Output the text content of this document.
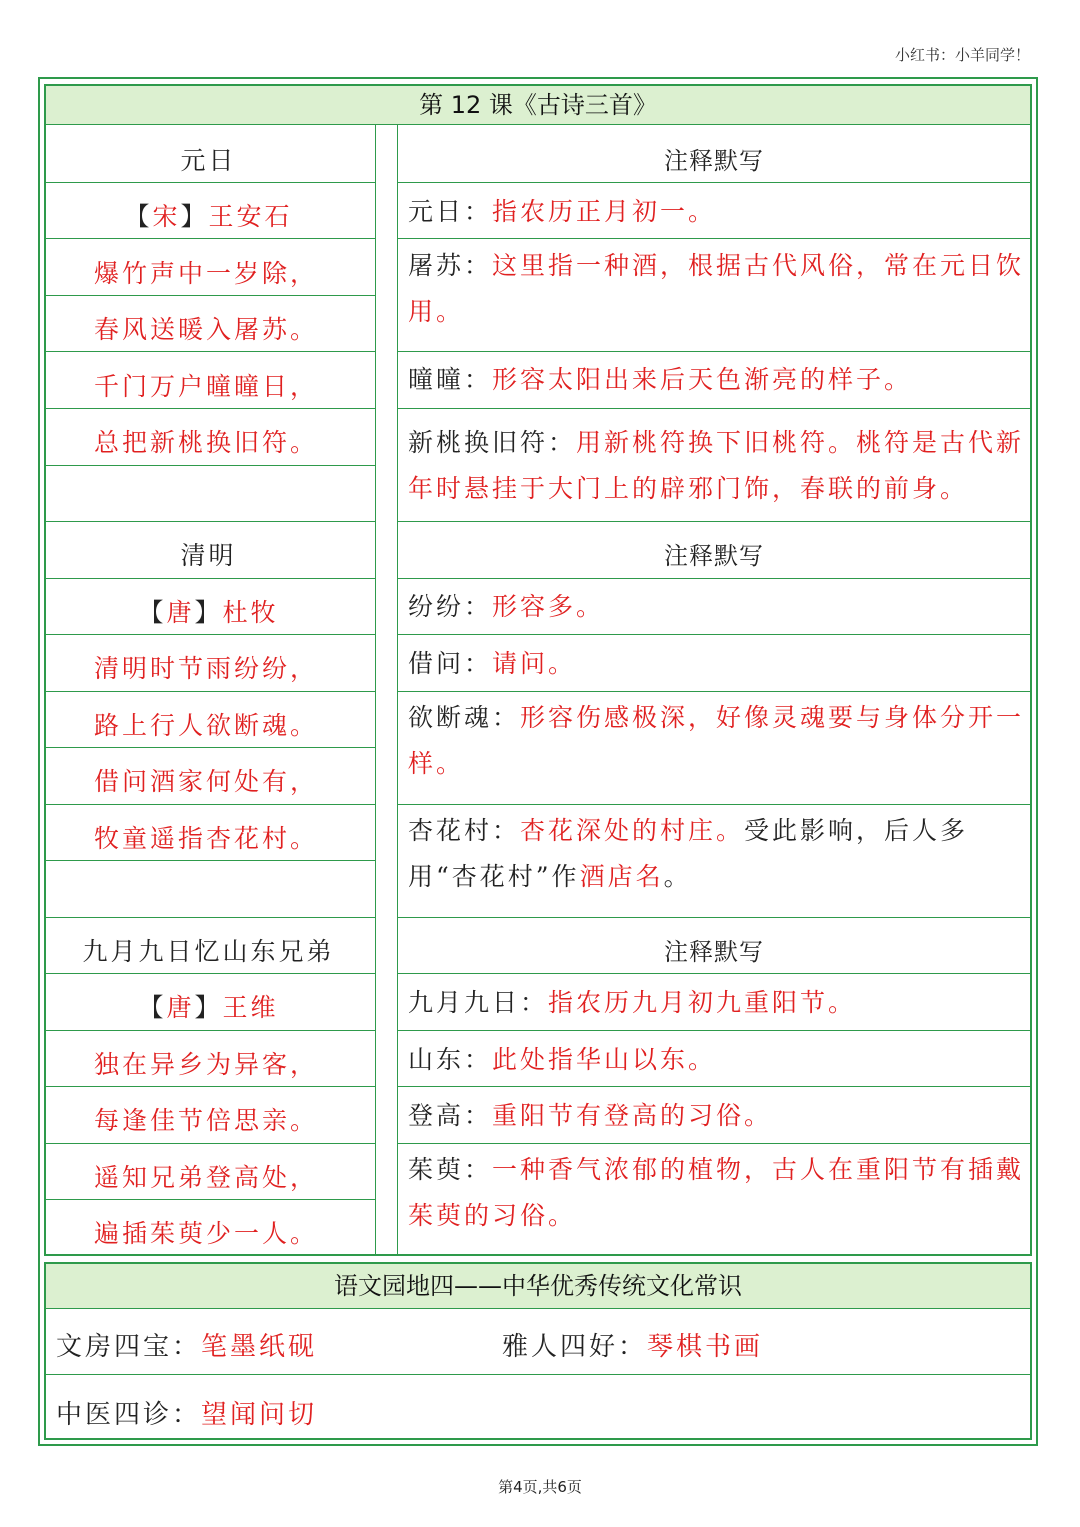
小红书：小羊同学！
第 12 课《古诗三首》
元日
【宋】王安石
爆竹声中一岁除，
春风送暖入屠苏。
千门万户曈曈日，
总把新桃换旧符。
注释默写
元日：指农历正月初一。
屠苏：这里指一种酒，根据古代风俗，常在元日饮用。
曈曈：形容太阳出来后天色渐亮的样子。
新桃换旧符：用新桃符换下旧桃符。桃符是古代新年时悬挂于大门上的辟邪门饰，春联的前身。
清明
【唐】杜牧
清明时节雨纷纷，
路上行人欲断魂。
借问酒家何处有，
牧童遥指杏花村。
注释默写
纷纷：形容多。
借问：请问。
欲断魂：形容伤感极深，好像灵魂要与身体分开一样。
杏花村：杏花深处的村庄。受此影响，后人多用“杏花村”作酒店名。
九月九日忆山东兄弟
【唐】王维
独在异乡为异客，
每逢佳节倍思亲。
遥知兄弟登高处，
遍插茱萸少一人。
注释默写
九月九日：指农历九月初九重阳节。
山东：此处指华山以东。
登高：重阳节有登高的习俗。
茱萸：一种香气浓郁的植物，古人在重阳节有插戴茱萸的习俗。
语文园地四——中华优秀传统文化常识
文房四宝：笔墨纸砚	雅人四好：琴棋书画
中医四诊：望闻问切
第4页,共6页
